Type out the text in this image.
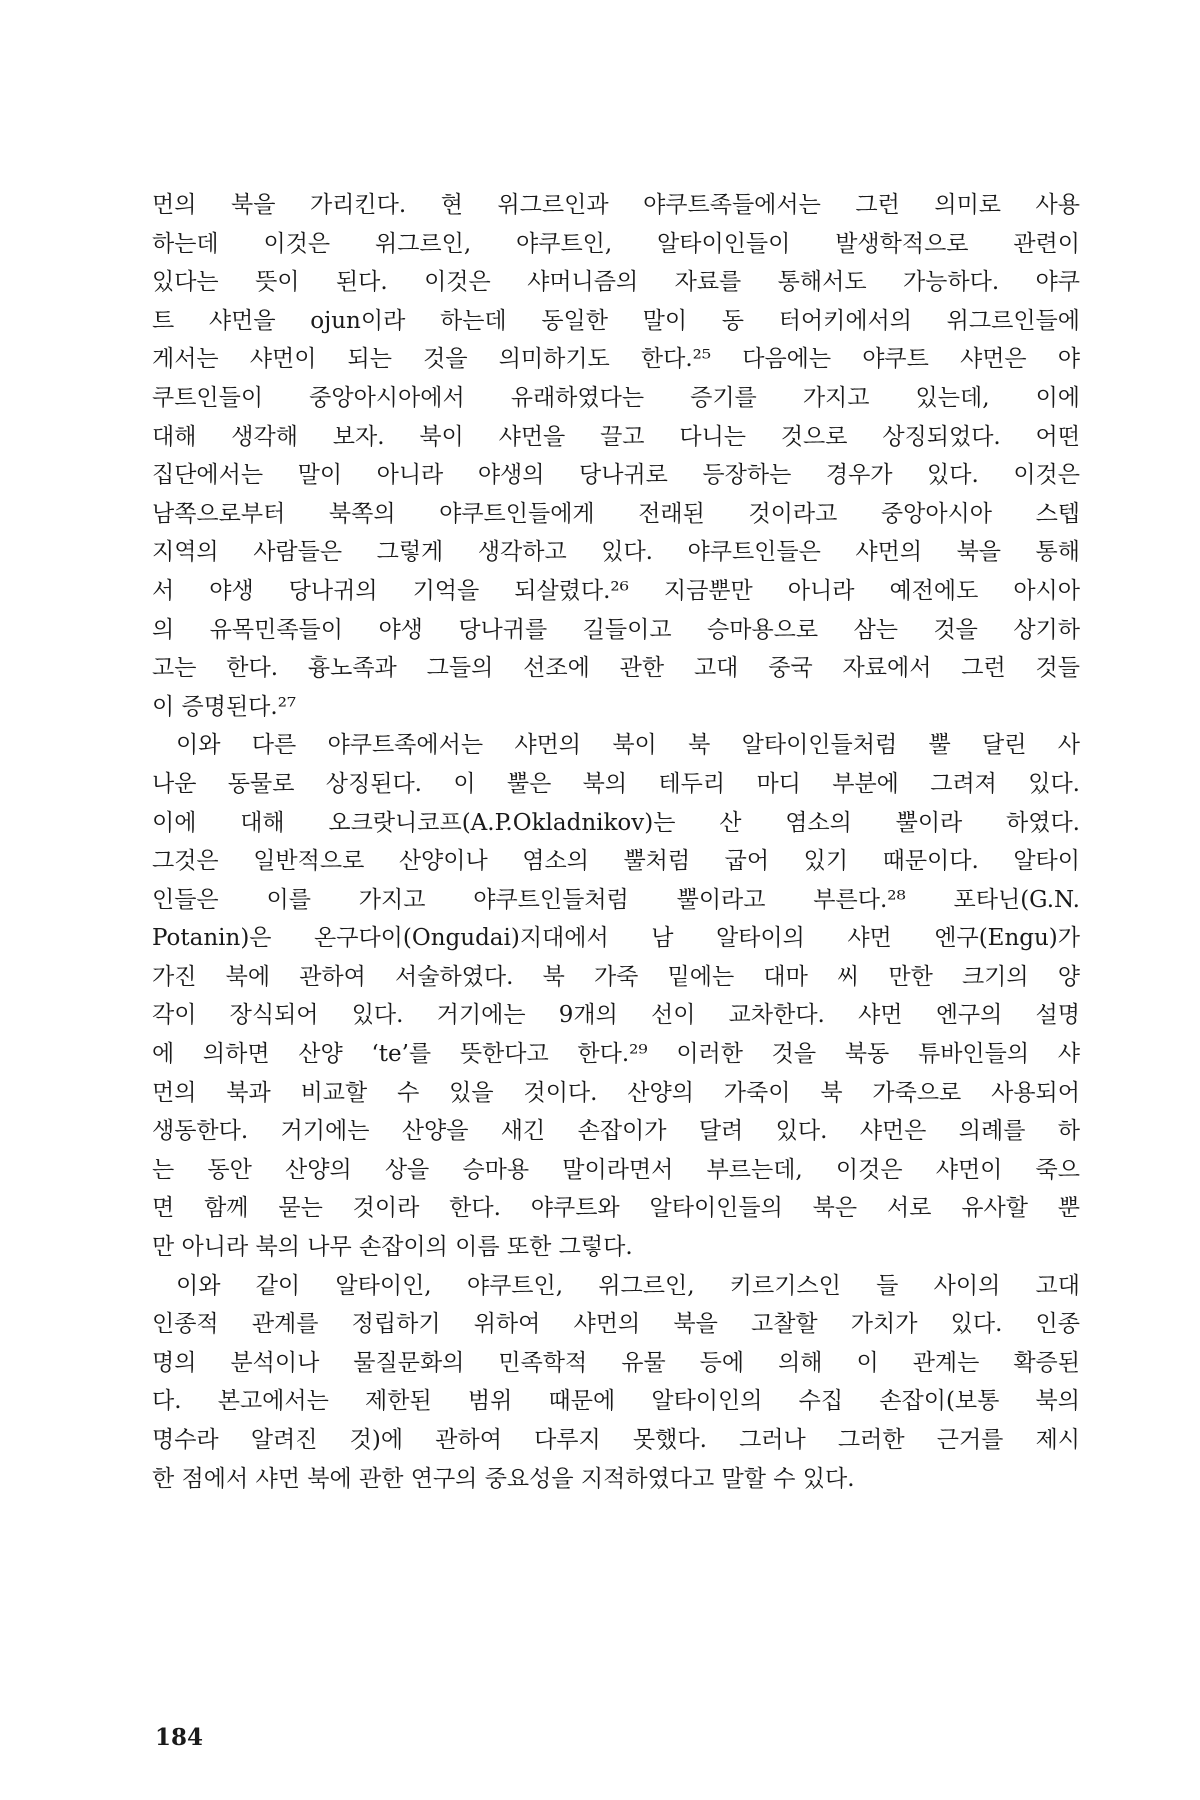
먼의 북을 가리킨다. 현 위그르인과 야쿠트족들에서는 그런 의미로 사용
하는데 이것은 위그르인, 야쿠트인, 알타이인들이 발생학적으로 관련이
있다는 뜻이 된다. 이것은 샤머니즘의 자료를 통해서도 가능하다. 야쿠
트 샤먼을 ojun이라 하는데 동일한 말이 동 터어키에서의 위그르인들에
게서는 샤먼이 되는 것을 의미하기도 한다.²⁵ 다음에는 야쿠트 샤먼은 야
쿠트인들이 중앙아시아에서 유래하였다는 증기를 가지고 있는데, 이에
대해 생각해 보자. 북이 샤먼을 끌고 다니는 것으로 상징되었다. 어떤
집단에서는 말이 아니라 야생의 당나귀로 등장하는 경우가 있다. 이것은
남쪽으로부터 북쪽의 야쿠트인들에게 전래된 것이라고 중앙아시아 스텝
지역의 사람들은 그렇게 생각하고 있다. 야쿠트인들은 샤먼의 북을 통해
서 야생 당나귀의 기억을 되살렸다.²⁶ 지금뿐만 아니라 예전에도 아시아
의 유목민족들이 야생 당나귀를 길들이고 승마용으로 삼는 것을 상기하
고는 한다. 흉노족과 그들의 선조에 관한 고대 중국 자료에서 그런 것들
이 증명된다.²⁷
이와 다른 야쿠트족에서는 샤먼의 북이 북 알타이인들처럼 뿔 달린 사
나운 동물로 상징된다. 이 뿔은 북의 테두리 마디 부분에 그려져 있다.
이에 대해 오크랏니코프(A.P.Okladnikov)는 산 염소의 뿔이라 하였다.
그것은 일반적으로 산양이나 염소의 뿔처럼 굽어 있기 때문이다. 알타이
인들은 이를 가지고 야쿠트인들처럼 뿔이라고 부른다.²⁸ 포타닌(G.N.
Potanin)은 온구다이(Ongudai)지대에서 남 알타이의 샤먼 엔구(Engu)가
가진 북에 관하여 서술하였다. 북 가죽 밑에는 대마 씨 만한 크기의 양
각이 장식되어 있다. 거기에는 9개의 선이 교차한다. 샤먼 엔구의 설명
에 의하면 산양 ‘te’를 뜻한다고 한다.²⁹ 이러한 것을 북동 튜바인들의 샤
먼의 북과 비교할 수 있을 것이다. 산양의 가죽이 북 가죽으로 사용되어
생동한다. 거기에는 산양을 새긴 손잡이가 달려 있다. 샤먼은 의례를 하
는 동안 산양의 상을 승마용 말이라면서 부르는데, 이것은 샤먼이 죽으
면 함께 묻는 것이라 한다. 야쿠트와 알타이인들의 북은 서로 유사할 뿐
만 아니라 북의 나무 손잡이의 이름 또한 그렇다.
이와 같이 알타이인, 야쿠트인, 위그르인, 키르기스인 들 사이의 고대
인종적 관계를 정립하기 위하여 샤먼의 북을 고찰할 가치가 있다. 인종
명의 분석이나 물질문화의 민족학적 유물 등에 의해 이 관계는 확증된
다. 본고에서는 제한된 범위 때문에 알타이인의 수집 손잡이(보통 북의
명수라 알려진 것)에 관하여 다루지 못했다. 그러나 그러한 근거를 제시
한 점에서 샤먼 북에 관한 연구의 중요성을 지적하였다고 말할 수 있다.
184
